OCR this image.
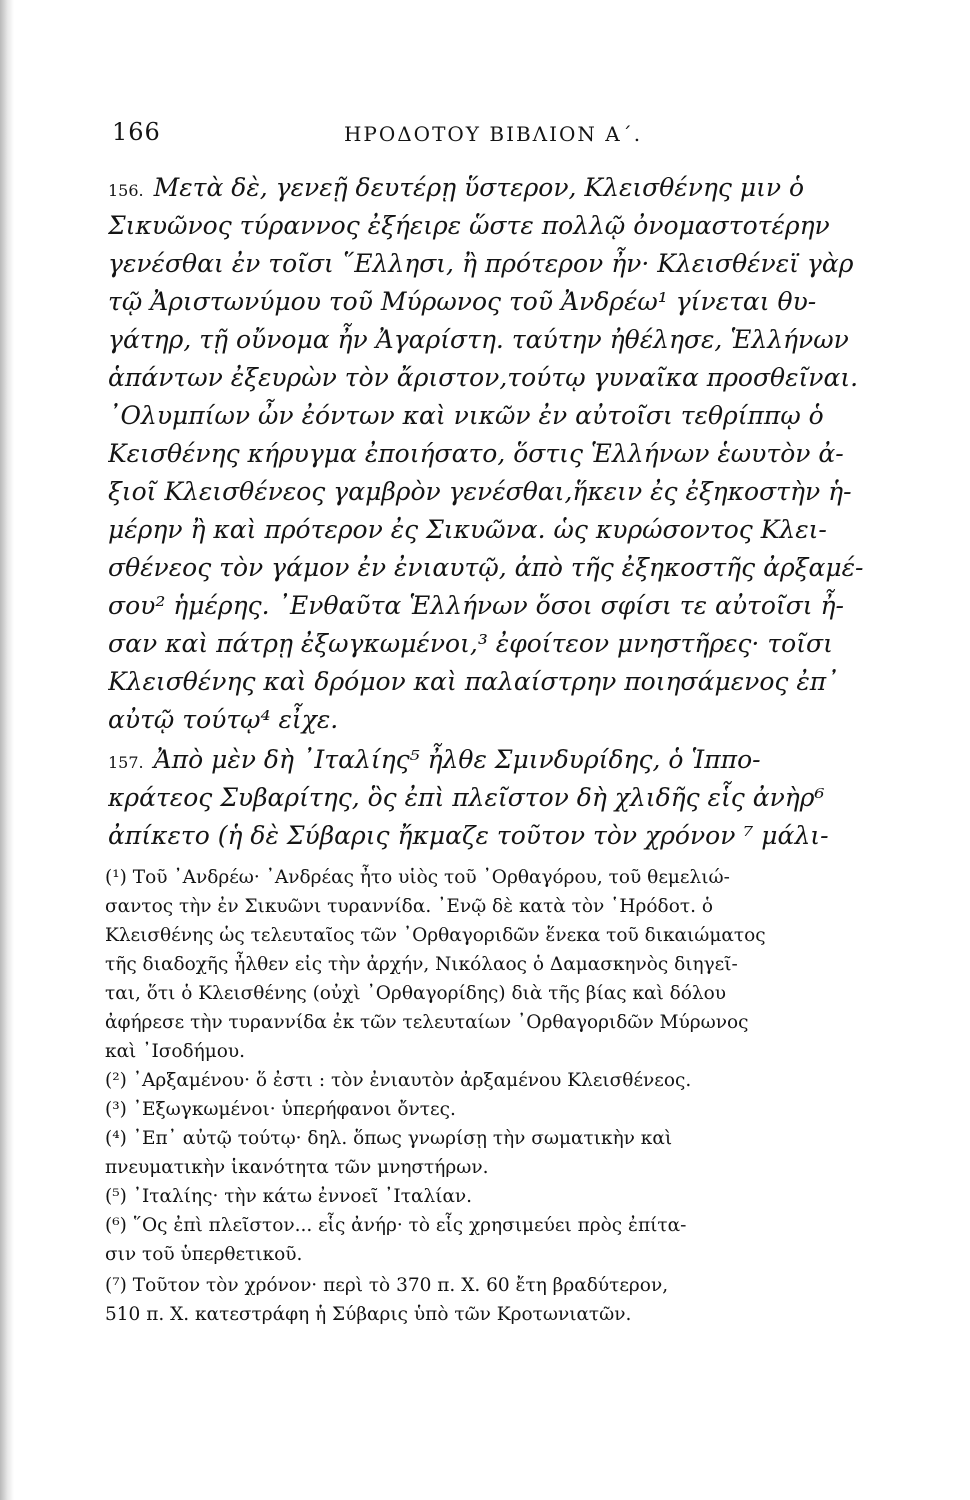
166	ΗΡΟΔΟΤΟΥ ΒΙΒΛΙΟΝ Α΄.
156. Μετὰ δὲ, γενεῇ δευτέρῃ ὕστερον, Κλεισθένης μιν ὁ
Σικυῶνος τύραννος ἐξήειρε ὥστε πολλῷ ὀνομαστοτέρην
γενέσθαι ἐν τοῖσι ῞Ελλησι, ἢ πρότερον ἦν· Κλεισθένεϊ γὰρ
τῷ Ἀριστωνύμου τοῦ Μύρωνος τοῦ Ἀνδρέω¹ γίνεται θυ-
γάτηρ, τῇ οὔνομα ἦν Ἀγαρίστη. ταύτην ἠθέλησε, Ἑλλήνων
ἁπάντων ἐξευρὼν τὸν ἄριστον,τούτῳ γυναῖκα προσθεῖναι.
᾽Ολυμπίων ὦν ἐόντων καὶ νικῶν ἐν αὐτοῖσι τεθρίππῳ ὁ
Κεισθένης κήρυγμα ἐποιήσατο, ὅστις Ἑλλήνων ἑωυτὸν ἀ-
ξιοῖ Κλεισθένεος γαμβρὸν γενέσθαι,ἥκειν ἐς ἐξηκοστὴν ἡ-
μέρην ἢ καὶ πρότερον ἐς Σικυῶνα. ὡς κυρώσοντος Κλει-
σθένεος τὸν γάμον ἐν ἐνιαυτῷ, ἀπὸ τῆς ἐξηκοστῆς ἀρξαμέ-
σου² ἡμέρης. ᾽Ενθαῦτα Ἑλλήνων ὅσοι σφίσι τε αὐτοῖσι ἦ-
σαν καὶ πάτρῃ ἐξωγκωμένοι,³ ἐφοίτεον μνηστῆρες· τοῖσι
Κλεισθένης καὶ δρόμον καὶ παλαίστρην ποιησάμενος ἐπ᾽
αὐτῷ τούτῳ⁴ εἶχε.
157. Ἀπὸ μὲν δὴ ᾽Ιταλίης⁵ ἦλθε Σμινδυρίδης, ὁ Ἱππο-
κράτεος Συβαρίτης, ὃς ἐπὶ πλεῖστον δὴ χλιδῆς εἷς ἀνὴρ⁶
ἀπίκετο (ἡ δὲ Σύβαρις ἤκμαζε τοῦτον τὸν χρόνον ⁷ μάλι-
(¹) Τοῦ ᾽Ανδρέω· ᾽Ανδρέας ἦτο υἱὸς τοῦ ᾽Ορθαγόρου, τοῦ θεμελιώ-
σαντος τὴν ἐν Σικυῶνι τυραννίδα. ᾽Ενῷ δὲ κατὰ τὸν ῾Ηρόδοτ. ὁ
Κλεισθένης ὡς τελευταῖος τῶν ᾽Ορθαγοριδῶν ἕνεκα τοῦ δικαιώματος
τῆς διαδοχῆς ἦλθεν εἰς τὴν ἀρχήν, Νικόλαος ὁ Δαμασκηνὸς διηγεῖ-
ται, ὅτι ὁ Κλεισθένης (οὐχὶ ᾽Ορθαγορίδης) διὰ τῆς βίας καὶ δόλου
ἀφήρεσε τὴν τυραννίδα ἐκ τῶν τελευταίων ᾽Ορθαγοριδῶν Μύρωνος
καὶ ᾽Ισοδήμου.
(²) ᾽Αρξαμένου· ὅ ἐστι : τὸν ἐνιαυτὸν ἀρξαμένου Κλεισθένεος.
(³) ᾽Εξωγκωμένοι· ὑπερήφανοι ὄντες.
(⁴) ᾽Επ᾽ αὐτῷ τούτῳ· δηλ. ὅπως γνωρίσῃ τὴν σωματικὴν καὶ
πνευματικὴν ἱκανότητα τῶν μνηστήρων.
(⁵) ᾽Ιταλίης· τὴν κάτω ἐννοεῖ ᾽Ιταλίαν.
(⁶) ῞Ος ἐπὶ πλεῖστον... εἷς ἀνήρ· τὸ εἷς χρησιμεύει πρὸς ἐπίτα-
σιν τοῦ ὑπερθετικοῦ.
(⁷) Τοῦτον τὸν χρόνον· περὶ τὸ 370 π. Χ. 60 ἔτη βραδύτερον,
510 π. Χ. κατεστράφη ἡ Σύβαρις ὑπὸ τῶν Κροτωνιατῶν.
